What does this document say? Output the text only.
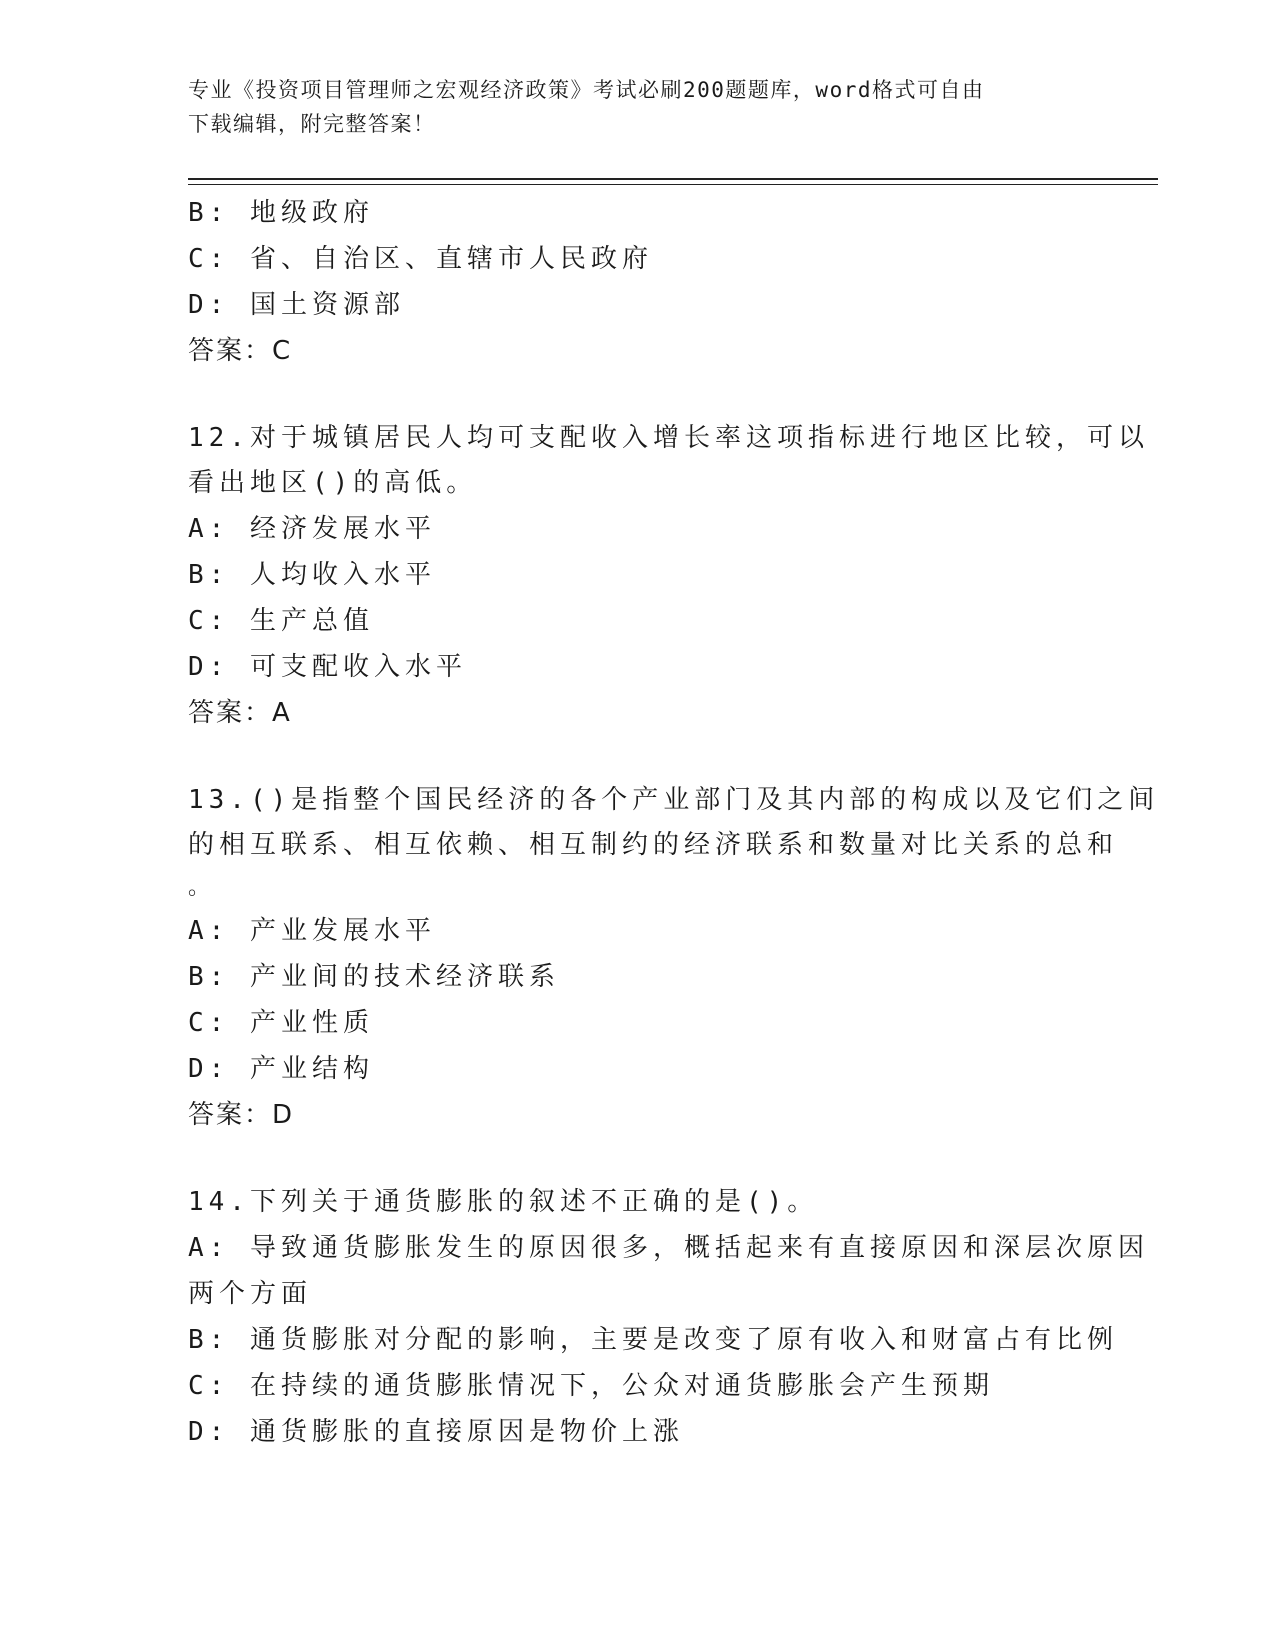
专业《投资项目管理师之宏观经济政策》考试必刷200题题库，word格式可自由
下载编辑，附完整答案！
B: 地级政府
C: 省、自治区、直辖市人民政府
D: 国土资源部
答案：C
12.对于城镇居民人均可支配收入增长率这项指标进行地区比较，可以
看出地区()的高低。
A: 经济发展水平
B: 人均收入水平
C: 生产总值
D: 可支配收入水平
答案：A
13.()是指整个国民经济的各个产业部门及其内部的构成以及它们之间
的相互联系、相互依赖、相互制约的经济联系和数量对比关系的总和
。
A: 产业发展水平
B: 产业间的技术经济联系
C: 产业性质
D: 产业结构
答案：D
14.下列关于通货膨胀的叙述不正确的是()。
A: 导致通货膨胀发生的原因很多，概括起来有直接原因和深层次原因
两个方面
B: 通货膨胀对分配的影响，主要是改变了原有收入和财富占有比例
C: 在持续的通货膨胀情况下，公众对通货膨胀会产生预期
D: 通货膨胀的直接原因是物价上涨
